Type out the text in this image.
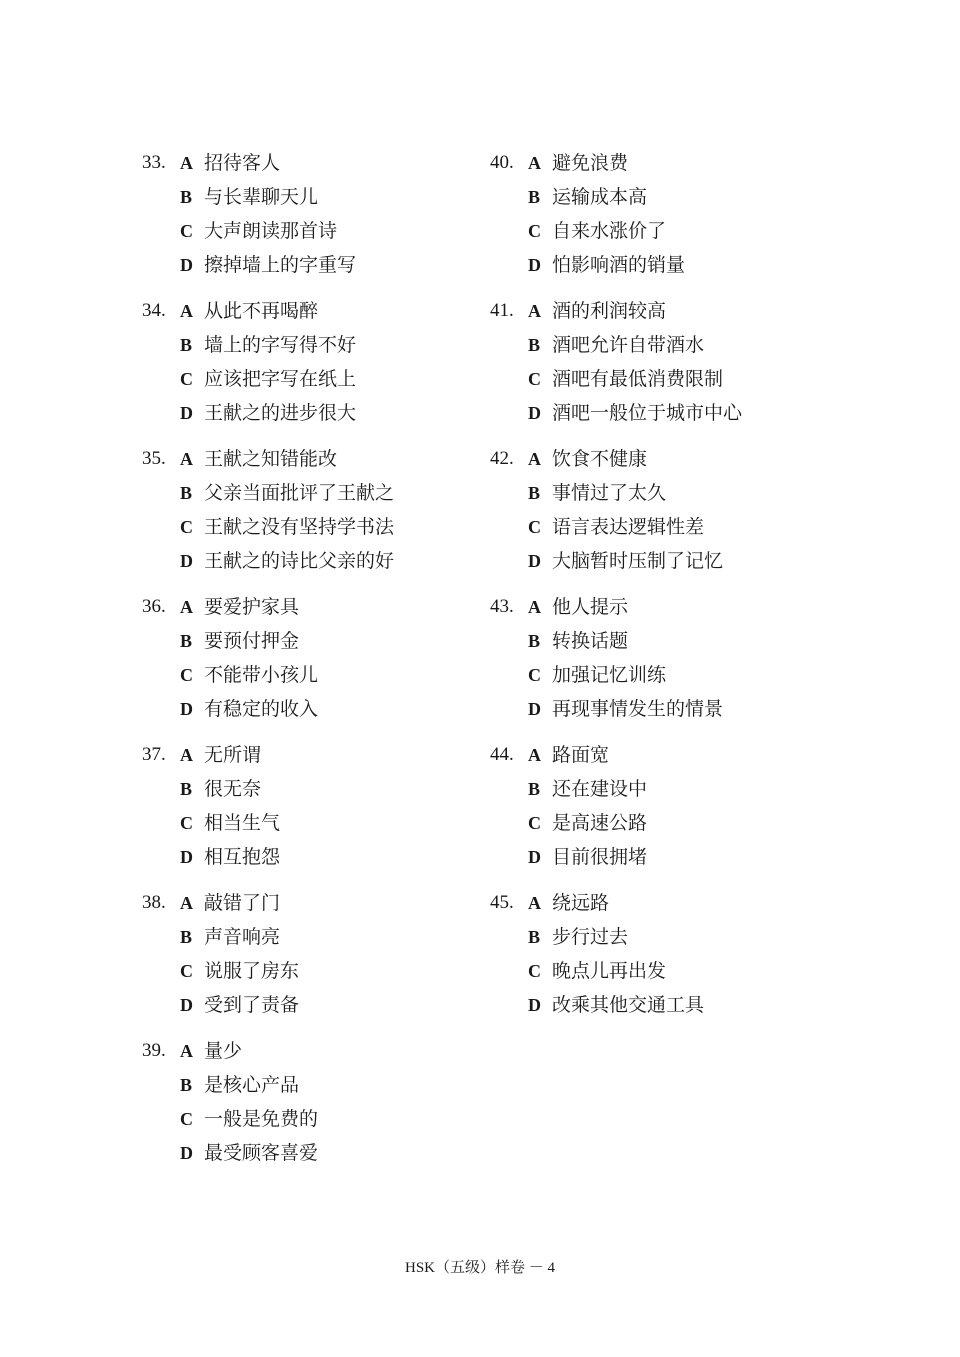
33. A 招待客人
B 与长辈聊天儿
C 大声朗读那首诗
D 擦掉墙上的字重写
34. A 从此不再喝醉
B 墙上的字写得不好
C 应该把字写在纸上
D 王献之的进步很大
35. A 王献之知错能改
B 父亲当面批评了王献之
C 王献之没有坚持学书法
D 王献之的诗比父亲的好
36. A 要爱护家具
B 要预付押金
C 不能带小孩儿
D 有稳定的收入
37. A 无所谓
B 很无奈
C 相当生气
D 相互抱怨
38. A 敲错了门
B 声音响亮
C 说服了房东
D 受到了责备
39. A 量少
B 是核心产品
C 一般是免费的
D 最受顾客喜爱
40. A 避免浪费
B 运输成本高
C 自来水涨价了
D 怕影响酒的销量
41. A 酒的利润较高
B 酒吧允许自带酒水
C 酒吧有最低消费限制
D 酒吧一般位于城市中心
42. A 饮食不健康
B 事情过了太久
C 语言表达逻辑性差
D 大脑暂时压制了记忆
43. A 他人提示
B 转换话题
C 加强记忆训练
D 再现事情发生的情景
44. A 路面宽
B 还在建设中
C 是高速公路
D 目前很拥堵
45. A 绕远路
B 步行过去
C 晚点儿再出发
D 改乘其他交通工具
HSK（五级）样卷 － 4
